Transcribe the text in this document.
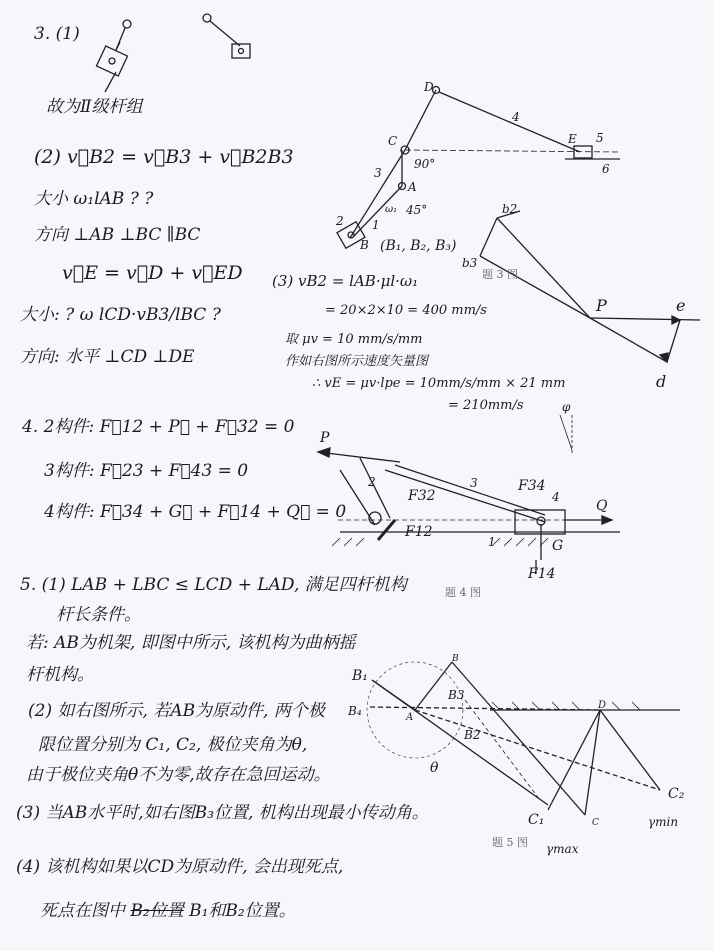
3. (1)
故为Ⅱ级杆组
(2) v⃗B2 = v⃗B3 + v⃗B2B3
大小 ω₁lAB ? ?
方向 ⊥AB ⊥BC ∥BC
v⃗E = v⃗D + v⃗ED
大小: ? ω lCD·vB3/lBC ?
方向: 水平 ⊥CD ⊥DE
(3) vB2 = lAB·μl·ω₁
= 20×2×10 = 400 mm/s
取 μv = 10 mm/s/mm
作如右图所示速度矢量图
∴ vE = μv·lpe = 10mm/s/mm × 21 mm
= 210mm/s
题 3 图
D
4
C	E 5
6
3
90°
A
ω₁ 45°
2 1
B (B₁, B₂, B₃)
b2
b3
P	e
d
4. 2构件: F⃗12 + P⃗ + F⃗32 = 0
3构件: F⃗23 + F⃗43 = 0
4构件: F⃗34 + G⃗ + F⃗14 + Q⃗ = 0
题 4 图
P
φ
2
F32
3	F34
4
Q
F12
1	G
F14
5. (1) LAB + LBC ≤ LCD + LAD, 满足四杆机构
杆长条件。
若: AB为机架, 即图中所示, 该机构为曲柄摇
杆机构。
(2) 如右图所示, 若AB为原动件, 两个极
限位置分别为 C₁, C₂, 极位夹角为θ,
由于极位夹角θ不为零,故存在急回运动。
(3) 当AB水平时,如右图B₃位置, 机构出现最小传动角。
(4) 该机构如果以CD为原动件, 会出现死点,
死点在图中 B₂位置 B₁和B₂位置。
题 5 图
B₁
B
B3
B₄	A
B2
D
θ
C₂
C₁	C	γmin
γmax
